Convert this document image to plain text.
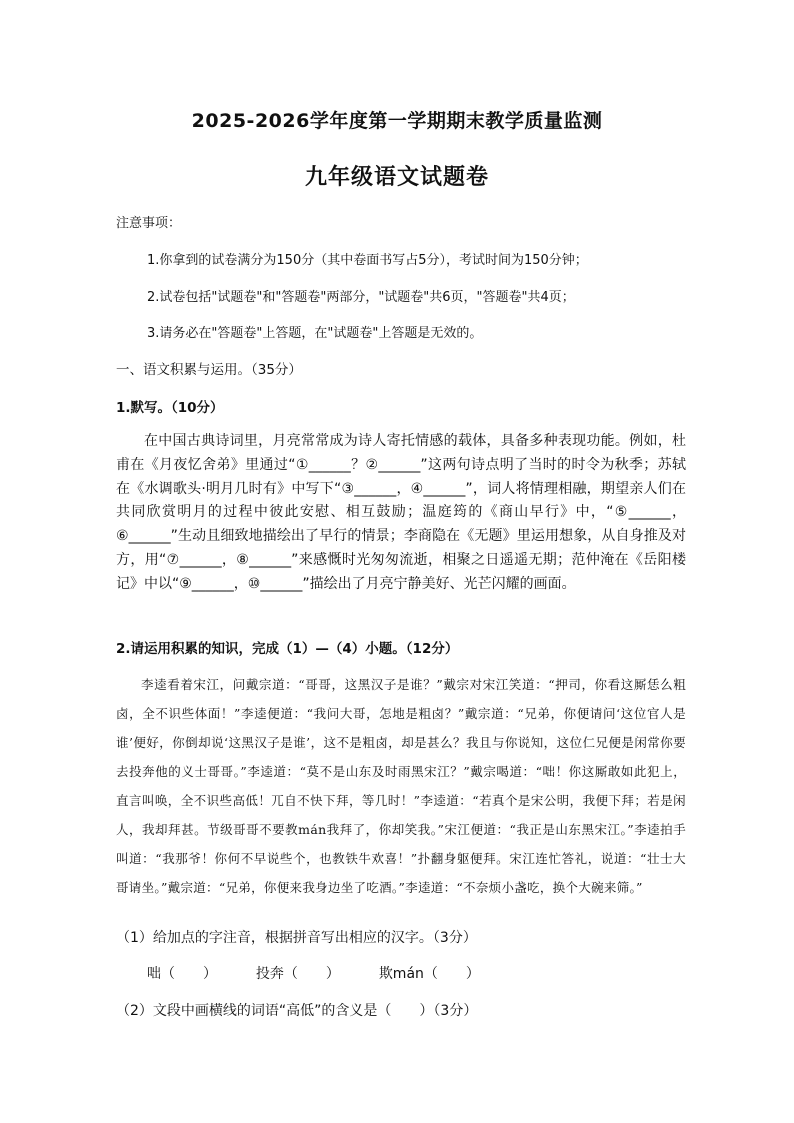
2025-2026学年度第一学期期末教学质量监测
九年级语文试题卷
注意事项：
1.你拿到的试卷满分为150分（其中卷面书写占5分），考试时间为150分钟；
2.试卷包括"试题卷"和"答题卷"两部分，"试题卷"共6页，"答题卷"共4页；
3.请务必在"答题卷"上答题，在"试题卷"上答题是无效的。
一、语文积累与运用。（35分）
1.默写。（10分）
在中国古典诗词里，月亮常常成为诗人寄托情感的载体，具备多种表现功能。例如，杜甫在《月夜忆舍弟》里通过“①______？②______”这两句诗点明了当时的时令为秋季；苏轼在《水调歌头·明月几时有》中写下“③______，④______”，词人将情理相融，期望亲人们在共同欣赏明月的过程中彼此安慰、相互鼓励；温庭筠的《商山早行》中，“⑤______，⑥______”生动且细致地描绘出了早行的情景；李商隐在《无题》里运用想象，从自身推及对方，用“⑦______，⑧______”来感慨时光匆匆流逝，相聚之日遥遥无期；范仲淹在《岳阳楼记》中以“⑨______，⑩______”描绘出了月亮宁静美好、光芒闪耀的画面。
2.请运用积累的知识，完成（1）—（4）小题。（12分）
李逵看着宋江，问戴宗道：“哥哥，这黑汉子是谁？”戴宗对宋江笑道：“押司，你看这厮恁么粗卤，全不识些体面！”李逵便道：“我问大哥，怎地是粗卤？”戴宗道：“兄弟，你便请问‘这位官人是谁’便好，你倒却说‘这黑汉子是谁’，这不是粗卤，却是甚么？我且与你说知，这位仁兄便是闲常你要去投奔他的义士哥哥。”李逵道：“莫不是山东及时雨黑宋江？”戴宗喝道：“咄！你这厮敢如此犯上，直言叫唤，全不识些高低！兀自不快下拜，等几时！”李逵道：“若真个是宋公明，我便下拜；若是闲人，我却拜甚。节级哥哥不要教mán我拜了，你却笑我。”宋江便道：“我正是山东黑宋江。”李逵拍手叫道：“我那爷！你何不早说些个，也教铁牛欢喜！”扑翻身躯便拜。宋江连忙答礼，说道：“壮士大哥请坐。”戴宗道：“兄弟，你便来我身边坐了吃酒。”李逵道：“不奈烦小盏吃，换个大碗来筛。”
（1）给加点的字注音，根据拼音写出相应的汉字。（3分）
咄（　　）	投奔（　　）	欺mán（　　）
（2）文段中画横线的词语“高低”的含义是（　　）（3分）
